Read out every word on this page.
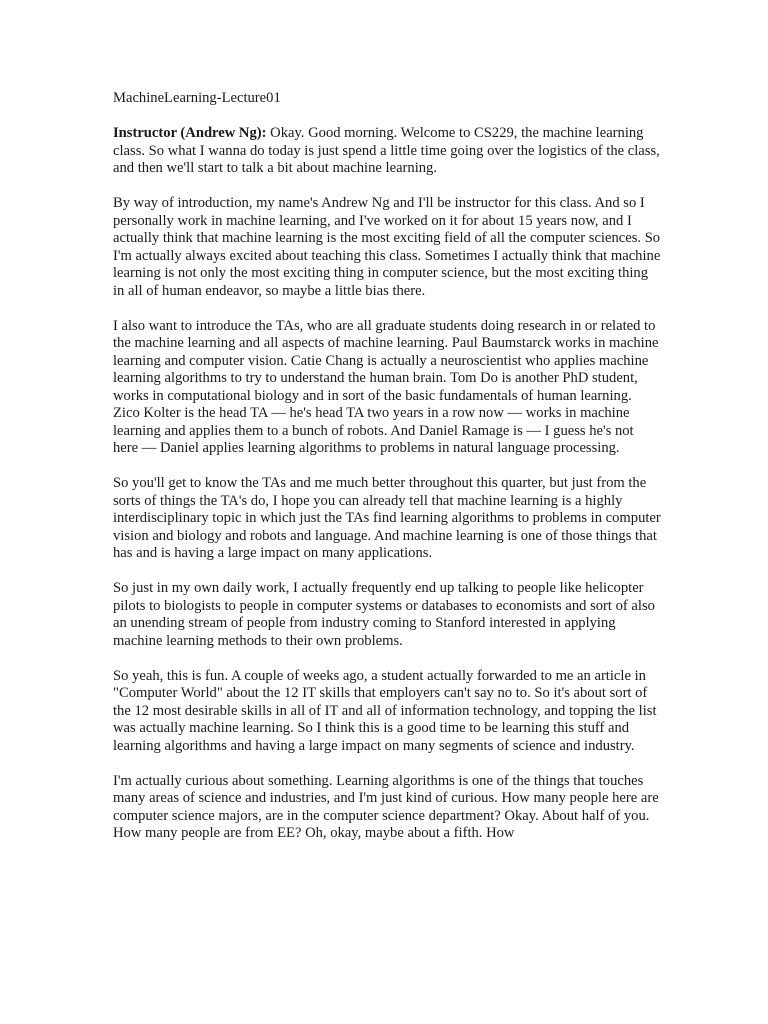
MachineLearning-Lecture01

Instructor (Andrew Ng): Okay. Good morning. Welcome to CS229, the machine learning class. So what I wanna do today is just spend a little time going over the logistics of the class, and then we'll start to talk a bit about machine learning.

By way of introduction, my name's Andrew Ng and I'll be instructor for this class. And so I personally work in machine learning, and I've worked on it for about 15 years now, and I actually think that machine learning is the most exciting field of all the computer sciences. So I'm actually always excited about teaching this class. Sometimes I actually think that machine learning is not only the most exciting thing in computer science, but the most exciting thing in all of human endeavor, so maybe a little bias there.

I also want to introduce the TAs, who are all graduate students doing research in or related to the machine learning and all aspects of machine learning. Paul Baumstarck works in machine learning and computer vision. Catie Chang is actually a neuroscientist who applies machine learning algorithms to try to understand the human brain. Tom Do is another PhD student, works in computational biology and in sort of the basic fundamentals of human learning. Zico Kolter is the head TA — he's head TA two years in a row now — works in machine learning and applies them to a bunch of robots. And Daniel Ramage is — I guess he's not here — Daniel applies learning algorithms to problems in natural language processing.

So you'll get to know the TAs and me much better throughout this quarter, but just from the sorts of things the TA's do, I hope you can already tell that machine learning is a highly interdisciplinary topic in which just the TAs find learning algorithms to problems in computer vision and biology and robots and language. And machine learning is one of those things that has and is having a large impact on many applications.

So just in my own daily work, I actually frequently end up talking to people like helicopter pilots to biologists to people in computer systems or databases to economists and sort of also an unending stream of people from industry coming to Stanford interested in applying machine learning methods to their own problems.

So yeah, this is fun. A couple of weeks ago, a student actually forwarded to me an article in "Computer World" about the 12 IT skills that employers can't say no to. So it's about sort of the 12 most desirable skills in all of IT and all of information technology, and topping the list was actually machine learning. So I think this is a good time to be learning this stuff and learning algorithms and having a large impact on many segments of science and industry.

I'm actually curious about something. Learning algorithms is one of the things that touches many areas of science and industries, and I'm just kind of curious. How many people here are computer science majors, are in the computer science department? Okay. About half of you. How many people are from EE? Oh, okay, maybe about a fifth. How
